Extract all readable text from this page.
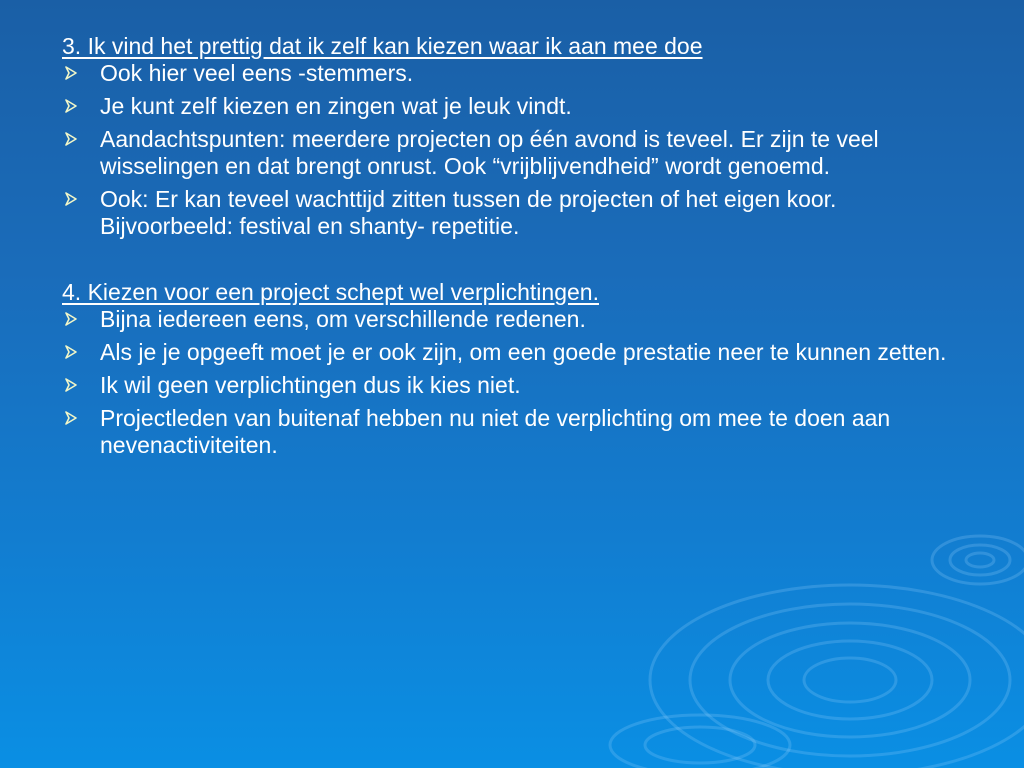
3. Ik vind het prettig dat ik zelf kan kiezen waar ik aan mee doe

Ook hier veel eens -stemmers.
Je kunt zelf kiezen en zingen wat je leuk vindt.
Aandachtspunten: meerdere projecten op één avond is teveel. Er zijn te veel wisselingen en dat brengt onrust. Ook “vrijblijvendheid” wordt genoemd.
Ook: Er kan teveel wachttijd zitten tussen de projecten of het eigen koor. Bijvoorbeeld: festival en shanty- repetitie.

4. Kiezen voor een project schept wel verplichtingen.

Bijna iedereen eens, om verschillende redenen.
Als je je opgeeft moet je er ook zijn, om een goede prestatie neer te kunnen zetten.
Ik wil geen verplichtingen dus ik kies niet.
Projectleden van buitenaf hebben nu niet de verplichting om mee te doen aan nevenactiviteiten.
